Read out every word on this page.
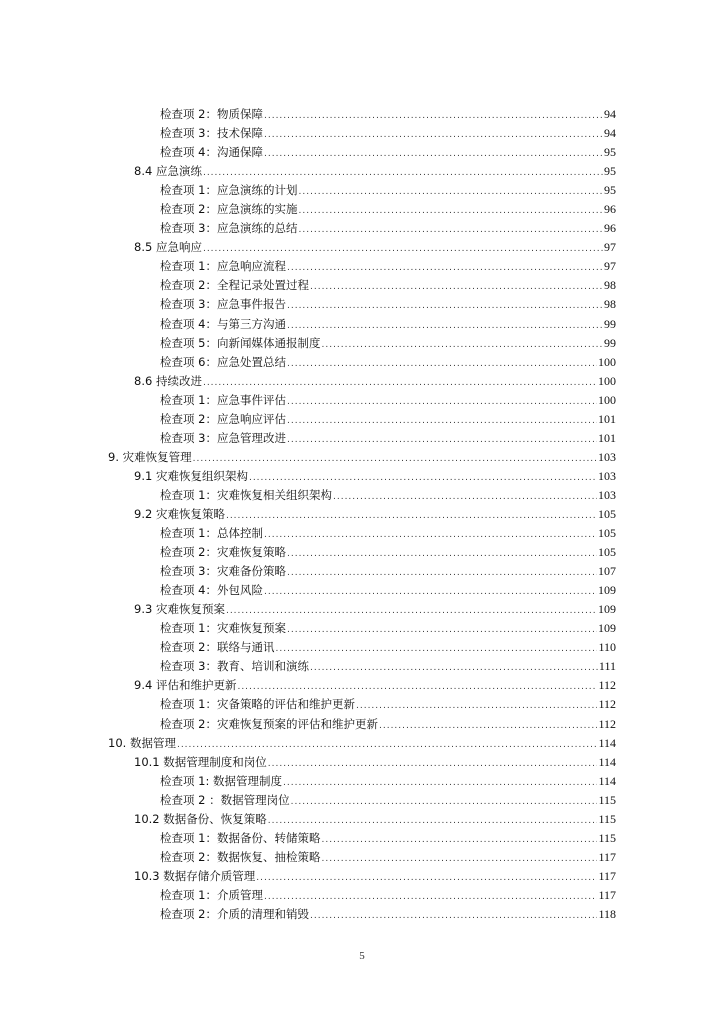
检查项 2：物质保障 .....	94
检查项 3：技术保障 .....	94
检查项 4：沟通保障 .....	95
8.4 应急演练 .....	95
检查项 1：应急演练的计划 .....	95
检查项 2：应急演练的实施 .....	96
检查项 3：应急演练的总结 .....	96
8.5 应急响应 .....	97
检查项 1：应急响应流程 .....	97
检查项 2：全程记录处置过程 .....	98
检查项 3：应急事件报告 .....	98
检查项 4：与第三方沟通 .....	99
检查项 5：向新闻媒体通报制度 .....	99
检查项 6：应急处置总结 .....	100
8.6 持续改进 .....	100
检查项 1：应急事件评估 .....	100
检查项 2：应急响应评估 .....	101
检查项 3：应急管理改进 .....	101
9. 灾难恢复管理 .....	103
9.1 灾难恢复组织架构 .....	103
检查项 1：灾难恢复相关组织架构 .....	103
9.2 灾难恢复策略 .....	105
检查项 1：总体控制 .....	105
检查项 2：灾难恢复策略 .....	105
检查项 3：灾难备份策略 .....	107
检查项 4：外包风险 .....	109
9.3 灾难恢复预案 .....	109
检查项 1：灾难恢复预案 .....	109
检查项 2：联络与通讯 .....	110
检查项 3：教育、培训和演练 .....	111
9.4 评估和维护更新 .....	112
检查项 1：灾备策略的评估和维护更新 .....	112
检查项 2：灾难恢复预案的评估和维护更新 .....	112
10. 数据管理 .....	114
10.1 数据管理制度和岗位 .....	114
检查项 1: 数据管理制度 .....	114
检查项 2 ：数据管理岗位 .....	115
10.2 数据备份、恢复策略 .....	115
检查项 1：数据备份、转储策略 .....	115
检查项 2：数据恢复、抽检策略 .....	117
10.3 数据存储介质管理 .....	117
检查项 1：介质管理 .....	117
检查项 2：介质的清理和销毁 .....	118
5
